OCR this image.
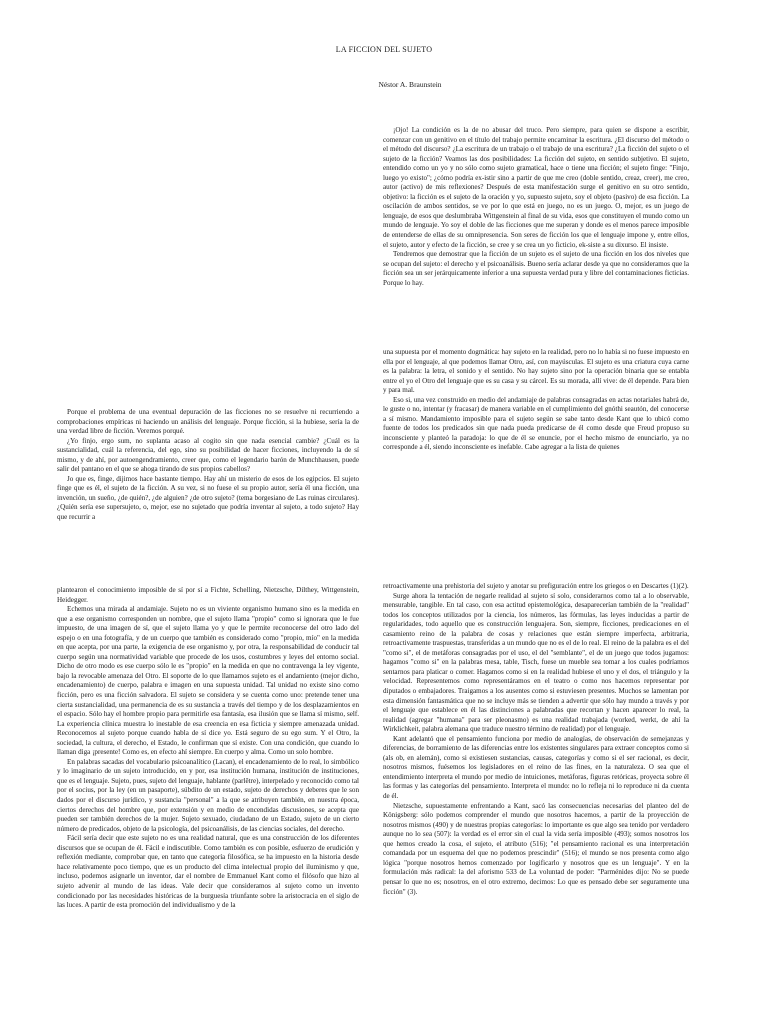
LA FICCION DEL SUJETO
Néstor A. Braunstein

¡Ojo! La condición es la de no abusar del truco. Pero siempre, para quien se dispone a escribir, comenzar con un genitivo en el título del trabajo permite encaminar la escritura. ¿El discurso del método o el método del discurso? ¿La escritura de un trabajo o el trabajo de una escritura? ¿La ficción del sujeto o el sujeto de la ficción? Veamos las dos posibilidades: La ficción del sujeto, en sentido subjetivo. El sujeto, entendido como un yo y no sólo como sujeto gramatical, hace o tiene una ficción; el sujeto finge: "Finjo, luego yo existo"; ¿cómo podría ex-istir sino a partir de que me creo (doble sentido, creaz, creer), me creo, autor (activo) de mis reflexiones? Después de esta manifestación surge el genitivo en su otro sentido, objetivo: la ficción es el sujeto de la oración y yo, supuesto sujeto, soy el objeto (pasivo) de esa ficción. La oscilación de ambos sentidos, se ve por lo que está en juego, no es un juego. O, mejor, es un juego de lenguaje, de esos que deslumbraba Wittgenstein al final de su vida, esos que constituyen el mundo como un mundo de lenguaje. Yo soy el doble de las ficciones que me superan y donde es el menos parece imposible de entenderse de ellas de su omnipresencia. Son seres de ficción los que el lenguaje impone y, entre ellos, el sujeto, autor y efecto de la ficción, se cree y se crea un yo ficticio, ek-siste a su dixurso. El insiste.

Tendremos que demostrar que la ficción de un sujeto es el sujeto de una ficción en los dos niveles que se ocupan del sujeto: el derecho y el psicoanálisis. Bueno sería aclarar desde ya que no consideramos que la ficción sea un ser jerárquicamente inferior a una supuesta verdad pura y libre del contaminaciones ficticias. Porque lo hay.

Porque el problema de una eventual depuración de las ficciones no se resuelve ni recurriendo a comprobaciones empíricas ni haciendo un análisis del lenguaje. Porque ficción, si la hubiese, sería la de una verdad libre de ficción. Veremos porqué.

¿Yo finjo, ergo sum, no suplanta acaso al cogito sin que nada esencial cambie? ¿Cuál es la sustancialidad, cuál la referencia, del ego, sino su posibilidad de hacer ficciones, incluyendo la de sí mismo, y de ahí, por autoengendramiento, creer que, como el legendario barón de Munchhausen, puede salir del pantano en el que se ahoga tirando de sus propios cabellos?

Jo que es, finge, dijimos hace bastante tiempo. Hay ahí un misterio de esos de los egipcios. El sujeto finge que es él, el sujeto de la ficción. A su vez, si no fuese el su propio autor, sería él una ficción, una invención, un sueño, ¿de quién?, ¿de alguien? ¿de otro sujeto? (tema borgesiano de Las ruinas circulares). ¿Quién sería ese supersujeto, o, mejor, ese no sujetado que podría inventar al sujeto, a todo sujeto? Hay que recurrir a

una supuesta por el momento dogmática: hay sujeto en la realidad, pero no lo había si no fuese impuesto en ella por el lenguaje, al que podemos llamar Otro, así, con mayúsculas. El sujeto es una criatura cuya carne es la palabra: la letra, el sonido y el sentido. No hay sujeto sino por la operación binaria que se entabla entre el yo el Otro del lenguaje que es su casa y su cárcel. Es su morada, allí vive: de él depende. Para bien y para mal.

Eso si, una vez construido en medio del andamiaje de palabras consagradas en actas notariales habrá de, le guste o no, intentar (y fracasar) de manera variable en el cumplimiento del gnóthi seautón, del conocerse a sí mismo. Mandamiento imposible para el sujeto según se sabe tanto desde Kant que lo ubicó como fuente de todos los predicados sin que nada pueda predicarse de él como desde que Freud propuso su inconsciente y planteó la paradoja: lo que de él se enuncie, por el hecho mismo de enunciarlo, ya no corresponde a él, siendo inconsciente es inefable. Cabe agregar a la lista de quienes

plantearon el conocimiento imposible de sí por sí a Fichte, Schelling, Nietzsche, Dilthey, Wittgenstein, Heidegger.

Echemos una mirada al andamiaje. Sujeto no es un viviente organismo humano sino es la medida en que a ese organismo corresponden un nombre, que el sujeto llama "propio" como si ignorara que le fue impuesto, de una imagen de sí, que el sujeto llama yo y que le permite reconocerse del otro lado del espejo o en una fotografía, y de un cuerpo que también es considerado como "propio, mío" en la medida en que acepta, por una parte, la exigencia de ese organismo y, por otra, la responsabilidad de conducir tal cuerpo según una normatividad variable que procede de los usos, costumbres y leyes del entorno social. Dicho de otro modo es ese cuerpo sólo le es "propio" en la medida en que no contravenga la ley vigente, bajo la revocable amenaza del Otro. El soporte de lo que llamamos sujeto es el andamiento (mejor dicho, encadenamiento) de cuerpo, palabra e imagen en una supuesta unidad. Tal unidad no existe sino como ficción, pero es una ficción salvadora. El sujeto se considera y se cuenta como uno: pretende tener una cierta sustancialidad, una permanencia de es su sustancia a través del tiempo y de los desplazamientos en el espacio. Sólo hay el hombre propio para permitirle esa fantasía, esa ilusión que se llama sí mismo, self. La experiencia clínica muestra lo inestable de esa creencia en esa ficticia y siempre amenazada unidad. Reconocemos al sujeto porque cuando habla de sí dice yo. Está seguro de su ego sum. Y el Otro, la sociedad, la cultura, el derecho, el Estado, le confirman que sí existe. Con una condición, que cuando lo llaman diga ¡presente! Como es, en efecto ahí siempre. En cuerpo y alma. Como un solo hombre.

En palabras sacadas del vocabulario psicoanalítico (Lacan), el encadenamiento de lo real, lo simbólico y lo imaginario de un sujeto introducido, en y por, esa institución humana, institución de instituciones, que es el lenguaje. Sujeto, pues, sujeto del lenguaje, hablante (parlêtre), interpelado y reconocido como tal por el socius, por la ley (en un pasaporte), súbdito de un estado, sujeto de derechos y deberes que le son dados por el discurso jurídico, y sustancia "personal" a la que se atribuyen también, en nuestra época, ciertos derechos del hombre que, por extensión y en medio de encendidas discusiones, se acepta que pueden ser también derechos de la mujer. Sujeto sexuado, ciudadano de un Estado, sujeto de un cierto número de predicados, objeto de la psicología, del psicoanálisis, de las ciencias sociales, del derecho.

Fácil sería decir que este sujeto no es una realidad natural, que es una construcción de los diferentes discursos que se ocupan de él. Fácil e indiscutible. Como también es con posible, esfuerzo de erudición y reflexión mediante, comprobar que, en tanto que categoría filosófica, se ha impuesto en la historia desde hace relativamente poco tiempo, que es un producto del clima intelectual propio del iluminismo y que, incluso, podemos asignarle un inventor, dar el nombre de Emmanuel Kant como el filósofo que hizo al sujeto advenir al mundo de las ideas. Vale decir que consideramos al sujeto como un invento condicionado por las necesidades históricas de la burguesía triunfante sobre la aristocracia en el siglo de las luces. A partir de esta promoción del individualismo y de la

retroactivamente una prehistoria del sujeto y anotar su prefiguración entre los griegos o en Descartes (1)(2).

Surge ahora la tentación de negarle realidad al sujeto sí solo, considerarnos como tal a lo observable, mensurable, tangible. En tal caso, con esa actitud epistemológica, desaparecerían también de la "realidad" todos los conceptos utilizados por la ciencia, los números, las fórmulas, las leyes inducidas a partir de regularidades, todo aquello que es construcción lenguajera. Son, siempre, ficciones, predicaciones en el casamiento reino de la palabra de cosas y relaciones que están siempre imperfecta, arbitraria, retroactivamente traspuestas, transferidas a un mundo que no es el de lo real. El reino de la palabra es el del "como si", el de metáforas consagradas por el uso, el del "semblante", el de un juego que todos jugamos: hagamos "como si" en la palabras mesa, table, Tisch, fuese un mueble sea tomar a los cuales podríamos sentarnos para platicar o comer. Hagamos como si en la realidad hubiese el uno y el dos, el triángulo y la velocidad. Representemos como representáramos en el teatro o como nos hacemos representar por diputados o embajadores. Traigamos a los ausentes como si estuviesen presentes. Muchos se lamentan por esta dimensión fantasmática que no se incluye más se tienden a advertir que sólo hay mundo a través y por el lenguaje que establece en él las distinciones a palabradas que recortan y hacen aparecer lo real, la realidad (agregar "humana" para ser pleonasmo) es una realidad trabajada (worked, werkt, de ahí la Wirklichkeit, palabra alemana que traduce nuestro término de realidad) por el lenguaje.

Kant adelantó que el pensamiento funciona por medio de analogías, de observación de semejanzas y diferencias, de borramiento de las diferencias entre los existentes singulares para extraer conceptos como si (als ob, en alemán), como si existiesen sustancias, causas, categorías y como si el ser racional, es decir, nosotros mismos, fuésemos los legisladores en el reino de las fines, en la naturaleza. O sea que el entendimiento interpreta el mundo por medio de intuiciones, metáforas, figuras retóricas, proyecta sobre él las formas y las categorías del pensamiento. Interpreta el mundo: no lo refleja ni lo reproduce ni da cuenta de él.

Nietzsche, supuestamente enfrentando a Kant, sacó las consecuencias necesarias del planteo del de Königsberg: sólo podemos comprender el mundo que nosotros hacemos, a partir de la proyección de nosotros mismos (490) y de nuestras propias categorías: lo importante es que algo sea tenido por verdadero aunque no lo sea (507): la verdad es el error sin el cual la vida sería imposible (493); somos nosotros los que hemos creado la cosa, el sujeto, el atributo (516); "el pensamiento racional es una interpretación comandada por un esquema del que no podemos prescindir" (516); el mundo se nos presenta como algo lógica "porque nosotros hemos comenzado por logificarlo y nosotros que es un lenguaje". Y en la formulación más radical: la del aforismo 533 de La voluntad de poder: "Parménides dijo: No se puede pensar lo que no es; nosotros, en el otro extremo, decimos: Lo que es pensado debe ser seguramente una ficción" (3).
